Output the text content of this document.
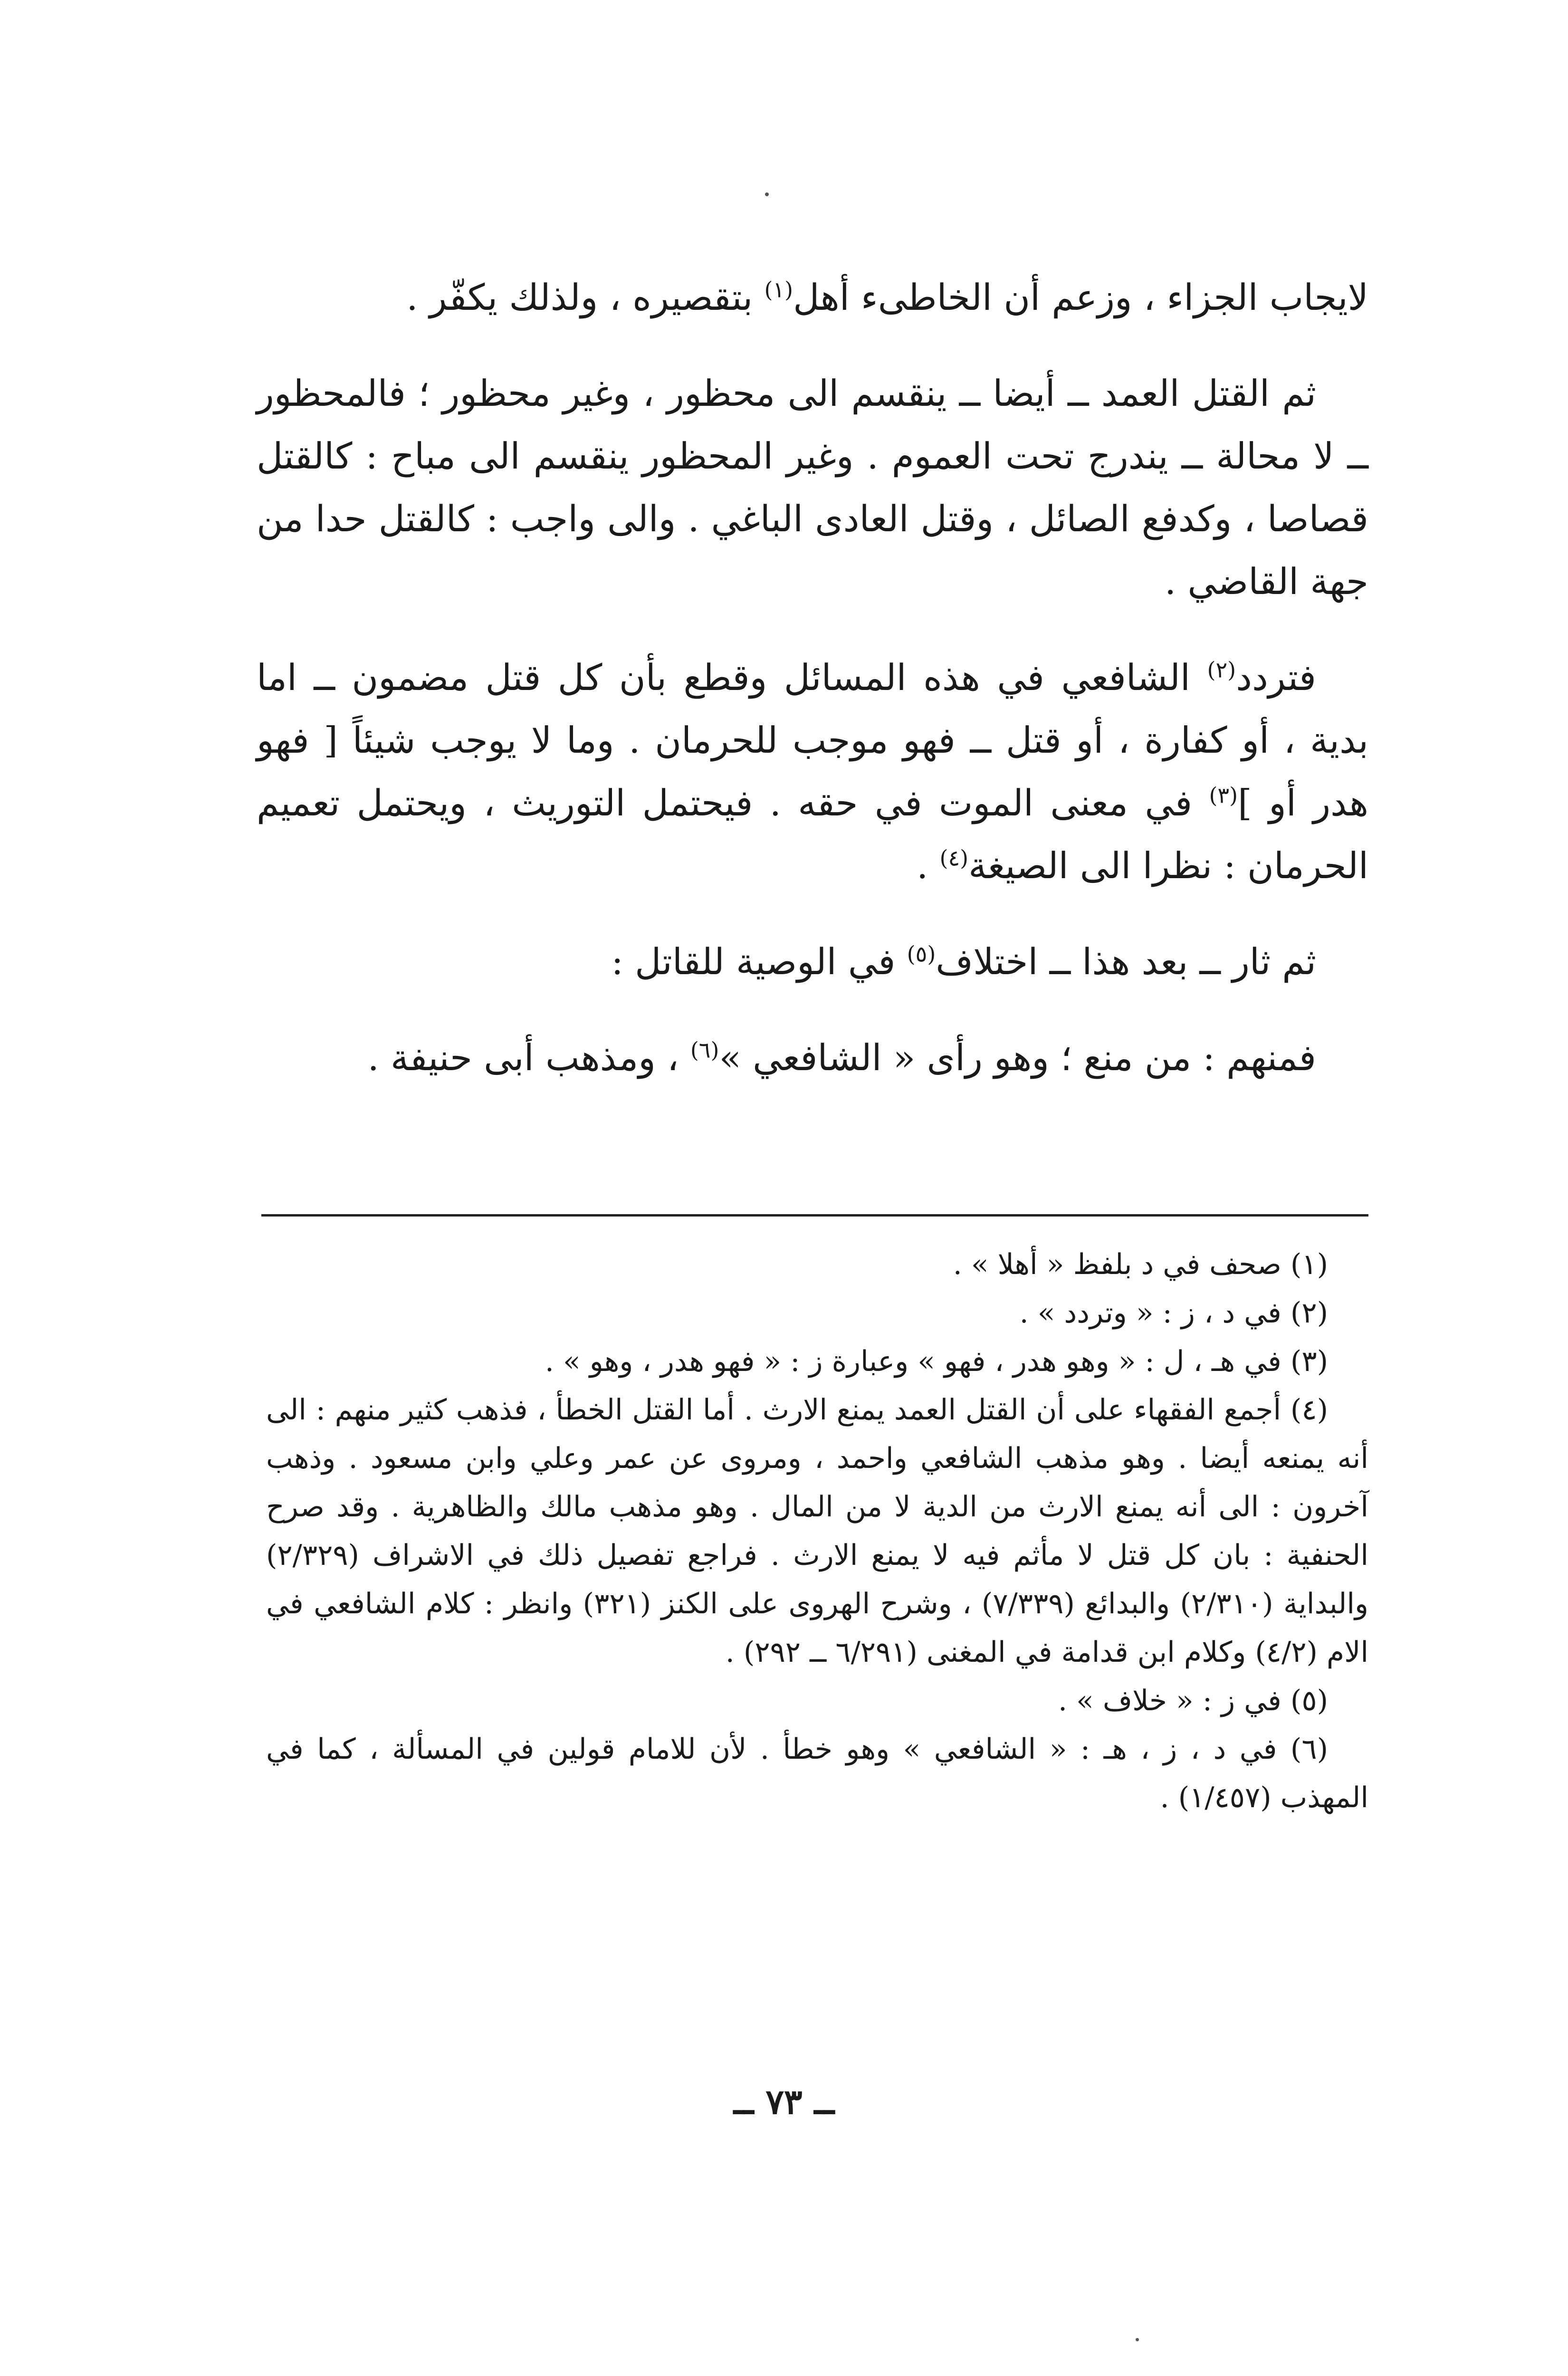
لايجاب الجزاء ، وزعم أن الخاطىء أهل$^{(١)}$ بتقصيره ، ولذلك يكفّر .

ثم القتل العمد ــ أيضا ــ ينقسم الى محظور ، وغير محظور ؛ فالمحظور ــ لا محالة ــ يندرج تحت العموم . وغير المحظور ينقسم الى مباح : كالقتل قصاصا ، وكدفع الصائل ، وقتل العادى الباغي . والى واجب : كالقتل حدا من جهة القاضي .

فتردد$^{(٢)}$ الشافعي في هذه المسائل وقطع بأن كل قتل مضمون ــ اما بدية ، أو كفارة ، أو قتل ــ فهو موجب للحرمان . وما لا يوجب شيئاً [ فهو هدر أو ]$^{(٣)}$ في معنى الموت في حقه . فيحتمل التوريث ، ويحتمل تعميم الحرمان : نظرا الى الصيغة$^{(٤)}$ .

ثم ثار ــ بعد هذا ــ اختلاف$^{(٥)}$ في الوصية للقاتل :

فمنهم : من منع ؛ وهو رأى « الشافعي »$^{(٦)}$ ، ومذهب أبى حنيفة .

(١) صحف في د بلفظ « أهلا » .

(٢) في د ، ز : « وتردد » .

(٣) في هـ ، ل : « وهو هدر ، فهو » وعبارة ز : « فهو هدر ، وهو » .

(٤) أجمع الفقهاء على أن القتل العمد يمنع الارث . أما القتل الخطأ ، فذهب كثير منهم : الى أنه يمنعه أيضا . وهو مذهب الشافعي واحمد ، ومروى عن عمر وعلي وابن مسعود . وذهب آخرون : الى أنه يمنع الارث من الدية لا من المال . وهو مذهب مالك والظاهرية . وقد صرح الحنفية : بان كل قتل لا مأثم فيه لا يمنع الارث . فراجع تفصيل ذلك في الاشراف (٢/٣٢٩) والبداية (٢/٣١٠) والبدائع (٧/٣٣٩) ، وشرح الهروى على الكنز (٣٢١) وانظر : كلام الشافعي في الام (٤/٢) وكلام ابن قدامة في المغنى (٦/٢٩١ ــ ٢٩٢) .

(٥) في ز : « خلاف » .

(٦) في د ، ز ، هـ : « الشافعي » وهو خطأ . لأن للامام قولين في المسألة ، كما في المهذب (١/٤٥٧) .

ــ ٧٣ ــ
